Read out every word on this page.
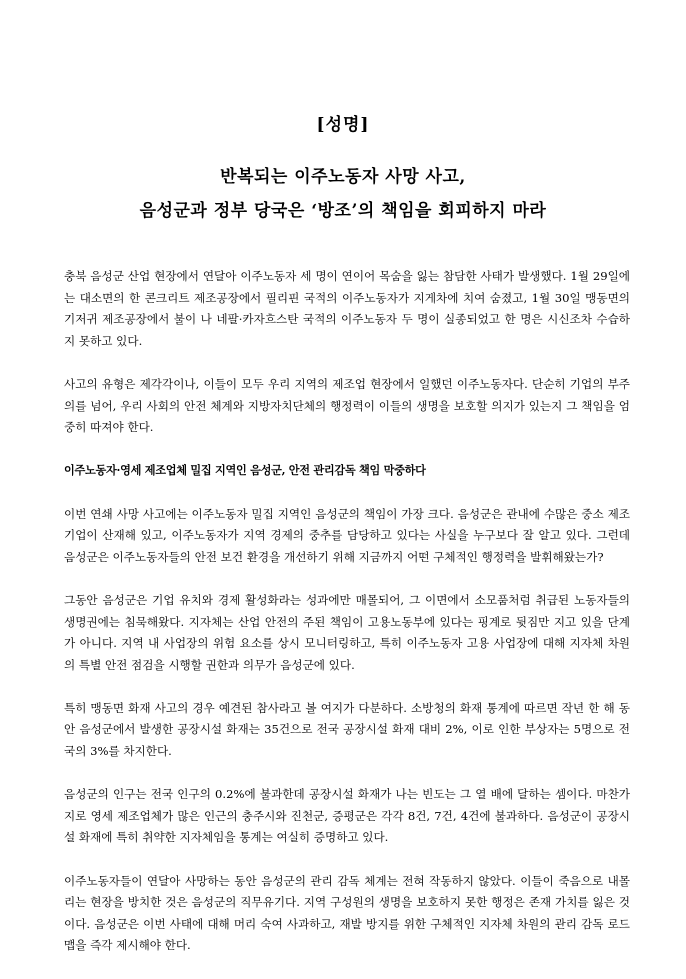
[성명]
반복되는 이주노동자 사망 사고,
음성군과 정부 당국은 ‘방조’의 책임을 회피하지 마라

충북 음성군 산업 현장에서 연달아 이주노동자 세 명이 연이어 목숨을 잃는 참담한 사태가 발생했다. 1월 29일에는 대소면의 한 콘크리트 제조공장에서 필리핀 국적의 이주노동자가 지게차에 치여 숨졌고, 1월 30일 맹동면의 기저귀 제조공장에서 불이 나 네팔·카자흐스탄 국적의 이주노동자 두 명이 실종되었고 한 명은 시신조차 수습하지 못하고 있다.

사고의 유형은 제각각이나, 이들이 모두 우리 지역의 제조업 현장에서 일했던 이주노동자다. 단순히 기업의 부주의를 넘어, 우리 사회의 안전 체계와 지방자치단체의 행정력이 이들의 생명을 보호할 의지가 있는지 그 책임을 엄중히 따져야 한다.

이주노동자·영세 제조업체 밀집 지역인 음성군, 안전 관리감독 책임 막중하다

이번 연쇄 사망 사고에는 이주노동자 밀집 지역인 음성군의 책임이 가장 크다. 음성군은 관내에 수많은 중소 제조 기업이 산재해 있고, 이주노동자가 지역 경제의 중추를 담당하고 있다는 사실을 누구보다 잘 알고 있다. 그런데 음성군은 이주노동자들의 안전 보건 환경을 개선하기 위해 지금까지 어떤 구체적인 행정력을 발휘해왔는가?

그동안 음성군은 기업 유치와 경제 활성화라는 성과에만 매몰되어, 그 이면에서 소모품처럼 취급된 노동자들의 생명권에는 침묵해왔다. 지자체는 산업 안전의 주된 책임이 고용노동부에 있다는 핑계로 뒷짐만 지고 있을 단계가 아니다. 지역 내 사업장의 위험 요소를 상시 모니터링하고, 특히 이주노동자 고용 사업장에 대해 지자체 차원의 특별 안전 점검을 시행할 권한과 의무가 음성군에 있다.

특히 맹동면 화재 사고의 경우 예견된 참사라고 볼 여지가 다분하다. 소방청의 화재 통계에 따르면 작년 한 해 동안 음성군에서 발생한 공장시설 화재는 35건으로 전국 공장시설 화재 대비 2%, 이로 인한 부상자는 5명으로 전국의 3%를 차지한다.

음성군의 인구는 전국 인구의 0.2%에 불과한데 공장시설 화재가 나는 빈도는 그 열 배에 달하는 셈이다. 마찬가지로 영세 제조업체가 많은 인근의 충주시와 진천군, 증평군은 각각 8건, 7건, 4건에 불과하다. 음성군이 공장시설 화재에 특히 취약한 지자체임을 통계는 여실히 증명하고 있다.

이주노동자들이 연달아 사망하는 동안 음성군의 관리 감독 체계는 전혀 작동하지 않았다. 이들이 죽음으로 내몰리는 현장을 방치한 것은 음성군의 직무유기다. 지역 구성원의 생명을 보호하지 못한 행정은 존재 가치를 잃은 것이다. 음성군은 이번 사태에 대해 머리 숙여 사과하고, 재발 방지를 위한 구체적인 지자체 차원의 관리 감독 로드맵을 즉각 제시해야 한다.
